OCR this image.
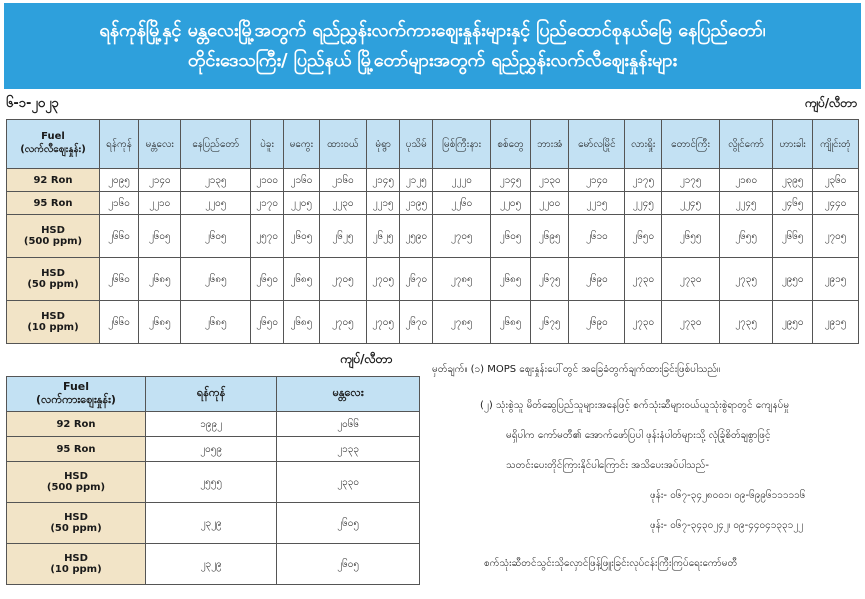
ရန်ကုန်မြို့နှင့် မန္တလေးမြို့အတွက် ရည်ညွှန်းလက်ကားဈေးနှုန်းများနှင့် ပြည်ထောင်စုနယ်မြေ နေပြည်တော်၊
တိုင်းဒေသကြီး/ ပြည်နယ် မြို့တော်များအတွက် ရည်ညွှန်းလက်လီဈေးနှုန်းများ
၆-၁-၂၀၂၃	ကျပ်/လီတာ
Fuel
(လက်လီဈေးနှုန်း)	ရန်ကုန်	မန္တလေး	နေပြည်တော်	ပဲခူး	မကွေး	ထားဝယ်	မုံရွာ	ပုသိမ်	မြစ်ကြီးနား	စစ်တွေ	ဘားအံ	မော်လမြိုင်	လားရှိုး	တောင်ကြီး	လွိုင်ကော်	ဟားခါး	ကျိုင်းတုံ
92 Ron	၂၀၉၅	၂၁၄၀	၂၁၃၅	၂၁၀၀	၂၁၆၀	၂၁၆၀	၂၁၄၅	၂၁၂၅	၂၂၂၀	၂၁၄၅	၂၁၃၀	၂၁၄၀	၂၁၇၅	၂၁၇၅	၂၁၈၀	၂၃၉၅	၂၃၆၀
95 Ron	၂၁၆၀	၂၂၁၀	၂၂၀၅	၂၁၇၀	၂၂၀၅	၂၂၃၀	၂၂၁၅	၂၁၉၅	၂၂၆၀	၂၂၀၅	၂၂၀၀	၂၂၁၅	၂၂၄၅	၂၂၄၅	၂၂၄၅	၂၄၆၅	၂၄၄၀
HSD
(500 ppm)	၂၆၆၀	၂၆၀၅	၂၆၀၅	၂၅၇၀	၂၆၀၅	၂၆၂၅	၂၆၂၅	၂၅၉၀	၂၇၀၅	၂၆၀၅	၂၆၉၅	၂၆၁၀	၂၆၅၀	၂၆၅၅	၂၆၅၅	၂၆၆၅	၂၇၀၅
HSD
(50 ppm)	၂၆၆၀	၂၆၈၅	၂၆၈၅	၂၆၅၀	၂၆၈၅	၂၇၀၅	၂၇၀၅	၂၆၇၀	၂၇၈၅	၂၆၈၅	၂၆၇၅	၂၆၉၀	၂၇၃၀	၂၇၃၀	၂၇၃၅	၂၉၅၀	၂၉၁၅
HSD
(10 ppm)	၂၆၆၀	၂၆၈၅	၂၆၈၅	၂၆၅၀	၂၆၈၅	၂၇၀၅	၂၇၀၅	၂၆၇၀	၂၇၈၅	၂၆၈၅	၂၆၇၅	၂၆၉၀	၂၇၃၀	၂၇၃၀	၂၇၃၅	၂၉၅၀	၂၉၁၅
ကျပ်/လီတာ
Fuel
(လက်ကားဈေးနှုန်း)	ရန်ကုန်	မန္တလေး
92 Ron	၁၉၉၂	၂၀၆၆
95 Ron	၂၀၅၉	၂၁၃၃
HSD
(500 ppm)	၂၅၅၅	၂၃၃၀
HSD
(50 ppm)	၂၃၂၉	၂၆၀၅
HSD
(10 ppm)	၂၃၂၉	၂၆၀၅

မှတ်ချက်။ (၁) MOPS ဈေးနှုန်းပေါ်တွင် အခြေခံတွက်ချက်ထားခြင်းဖြစ်ပါသည်။

(၂) သုံးစွဲသူ မိတ်ဆွေပြည်သူများအနေဖြင့် စက်သုံးဆီများဝယ်ယူသုံးစွဲရာတွင် ကျေနပ်မှု

မရှိပါက ကော်မတီ၏ အောက်ဖော်ပြပါ ဖုန်းနံပါတ်များသို့ လုံခြုံစိတ်ချစွာဖြင့်

သတင်းပေးတိုင်ကြားနိုင်ပါကြောင်း အသိပေးအပ်ပါသည်-

ဖုန်း- ၀၆၇-၃၄၂၈၀၀၁၊ ၀၉-၆၉၉၆၁၁၁၁၁၆

ဖုန်း- ၀၆၇-၃၄၃၀၂၄၂၊ ၀၉-၄၄၀၄၁၃၃၁၂၂

စက်သုံးဆီတင်သွင်းသိုလှောင်ဖြန့်ဖြူးခြင်းလုပ်ငန်းကြီးကြပ်ရေးကော်မတီ
